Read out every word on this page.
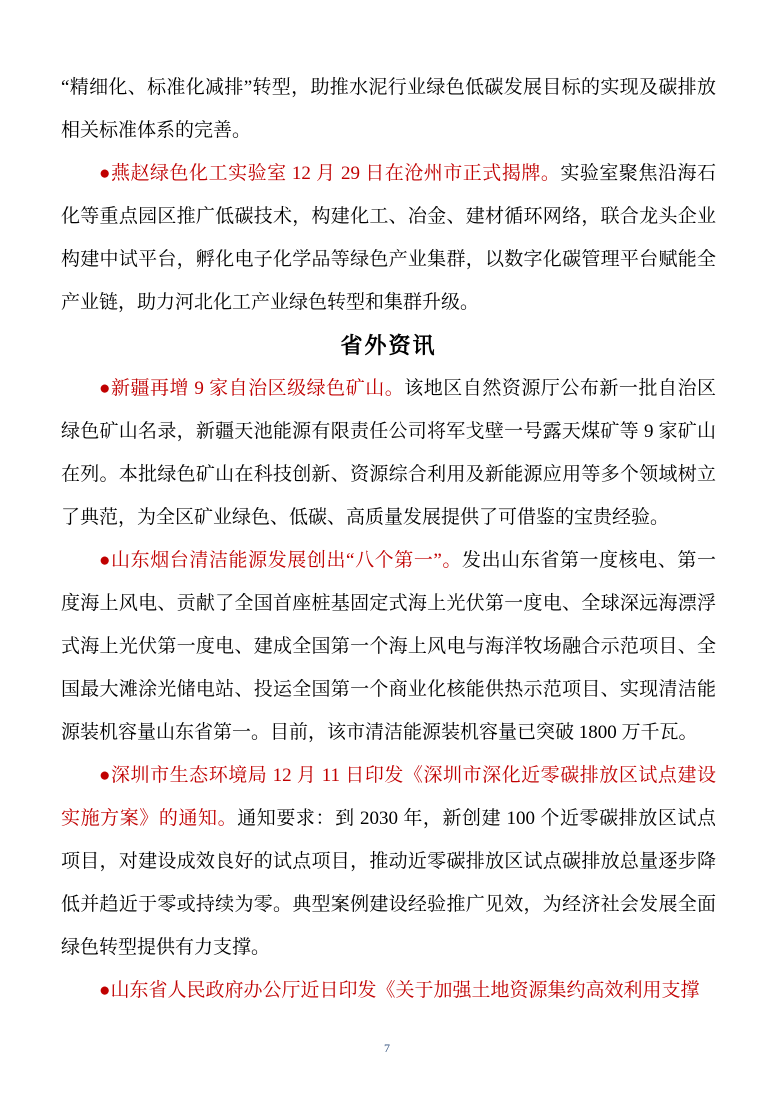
“精细化、标准化减排”转型，助推水泥行业绿色低碳发展目标的实现及碳排放相关标准体系的完善。

●燕赵绿色化工实验室 12 月 29 日在沧州市正式揭牌。实验室聚焦沿海石化等重点园区推广低碳技术，构建化工、冶金、建材循环网络，联合龙头企业构建中试平台，孵化电子化学品等绿色产业集群，以数字化碳管理平台赋能全产业链，助力河北化工产业绿色转型和集群升级。

省外资讯

●新疆再增 9 家自治区级绿色矿山。该地区自然资源厅公布新一批自治区绿色矿山名录，新疆天池能源有限责任公司将军戈壁一号露天煤矿等 9 家矿山在列。本批绿色矿山在科技创新、资源综合利用及新能源应用等多个领域树立了典范，为全区矿业绿色、低碳、高质量发展提供了可借鉴的宝贵经验。

●山东烟台清洁能源发展创出“八个第一”。发出山东省第一度核电、第一度海上风电、贡献了全国首座桩基固定式海上光伏第一度电、全球深远海漂浮式海上光伏第一度电、建成全国第一个海上风电与海洋牧场融合示范项目、全国最大滩涂光储电站、投运全国第一个商业化核能供热示范项目、实现清洁能源装机容量山东省第一。目前，该市清洁能源装机容量已突破 1800 万千瓦。

●深圳市生态环境局 12 月 11 日印发《深圳市深化近零碳排放区试点建设实施方案》的通知。通知要求：到 2030 年，新创建 100 个近零碳排放区试点项目，对建设成效良好的试点项目，推动近零碳排放区试点碳排放总量逐步降低并趋近于零或持续为零。典型案例建设经验推广见效，为经济社会发展全面绿色转型提供有力支撑。

●山东省人民政府办公厅近日印发《关于加强土地资源集约高效利用支撑

7
